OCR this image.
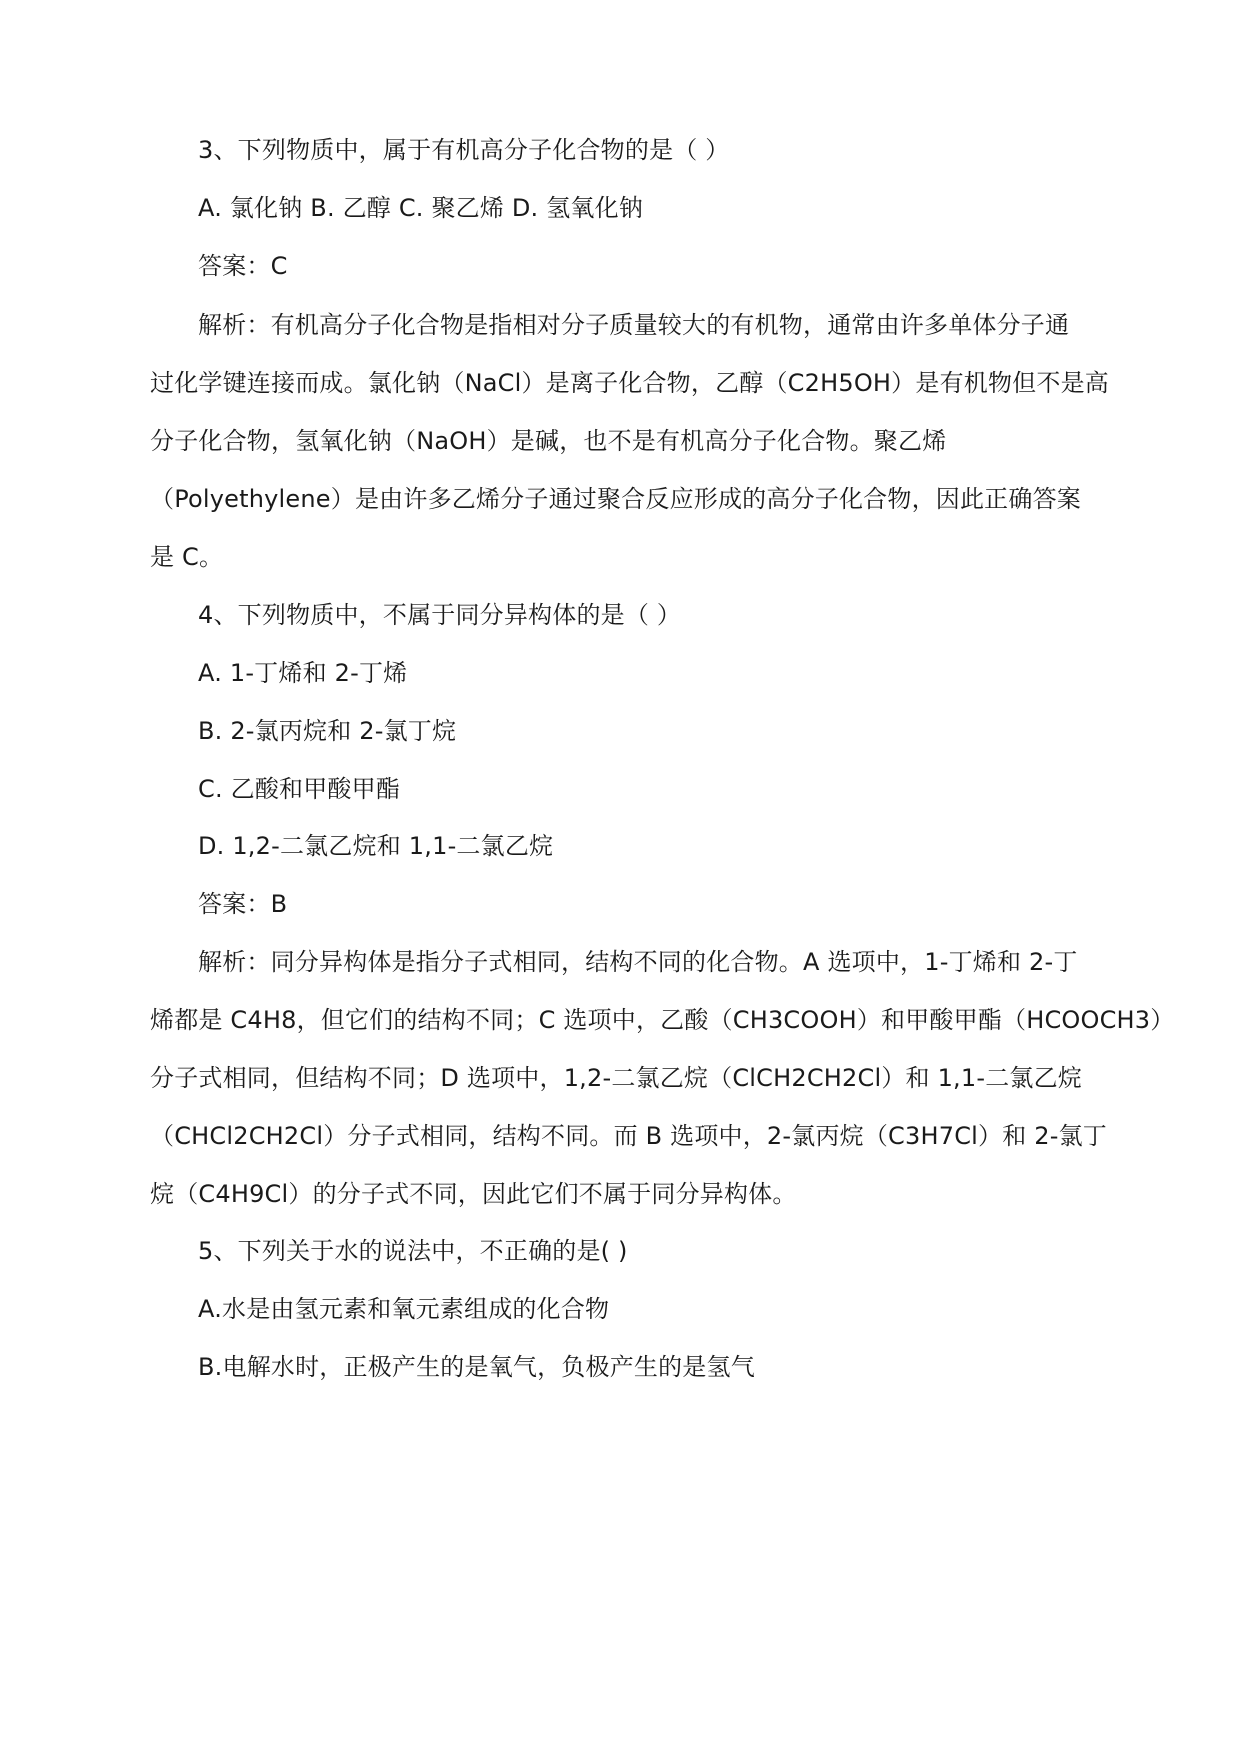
3、下列物质中，属于有机高分子化合物的是（ ）
A. 氯化钠 B. 乙醇 C. 聚乙烯 D. 氢氧化钠
答案：C
解析：有机高分子化合物是指相对分子质量较大的有机物，通常由许多单体分子通
过化学键连接而成。氯化钠（NaCl）是离子化合物，乙醇（C2H5OH）是有机物但不是高
分子化合物，氢氧化钠（NaOH）是碱，也不是有机高分子化合物。聚乙烯
（Polyethylene）是由许多乙烯分子通过聚合反应形成的高分子化合物，因此正确答案
是 C。
4、下列物质中，不属于同分异构体的是（ ）
A. 1-丁烯和 2-丁烯
B. 2-氯丙烷和 2-氯丁烷
C. 乙酸和甲酸甲酯
D. 1,2-二氯乙烷和 1,1-二氯乙烷
答案：B
解析：同分异构体是指分子式相同，结构不同的化合物。A 选项中，1-丁烯和 2-丁
烯都是 C4H8，但它们的结构不同；C 选项中，乙酸（CH3COOH）和甲酸甲酯（HCOOCH3）
分子式相同，但结构不同；D 选项中，1,2-二氯乙烷（ClCH2CH2Cl）和 1,1-二氯乙烷
（CHCl2CH2Cl）分子式相同，结构不同。而 B 选项中，2-氯丙烷（C3H7Cl）和 2-氯丁
烷（C4H9Cl）的分子式不同，因此它们不属于同分异构体。
5、下列关于水的说法中，不正确的是( )
A.水是由氢元素和氧元素组成的化合物
B.电解水时，正极产生的是氧气，负极产生的是氢气
